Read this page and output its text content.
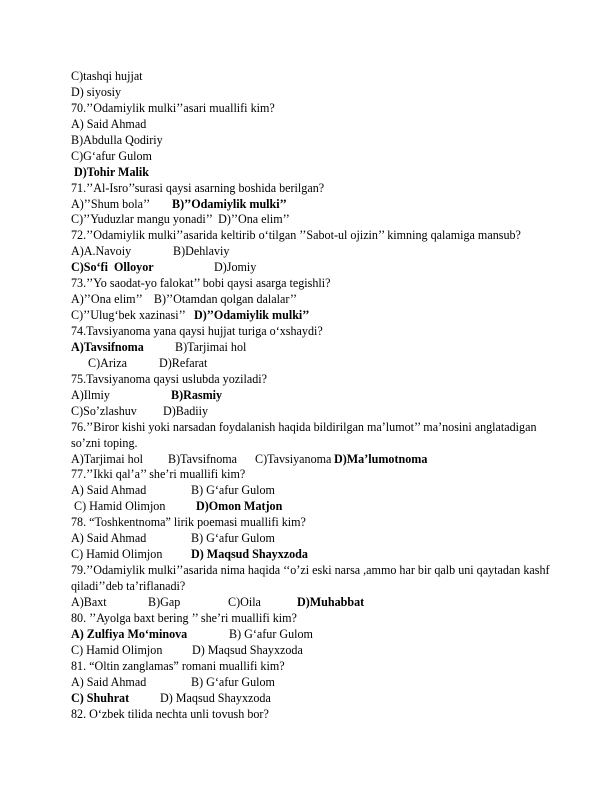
C)tashqi hujjat
D) siyosiy
70.’’Odamiylik mulki’’asari muallifi kim?
A) Said Ahmad
B)Abdulla Qodiriy
C)G‘afur Gulom
D)Tohir Malik
71.’’Al-Isro’’surasi qaysi asarning boshida berilgan?
A)’’Shum bola’’ B)’’Odamiylik mulki’’
C)’’Yuduzlar mangu yonadi’’  D)’’Ona elim’’
72.’’Odamiylik mulki’’asarida keltirib o‘tilgan ’’Sabot-ul ojizin’’ kimning qalamiga mansub?
A)A.Navoiy	B)Dehlaviy
C)So‘fi  Olloyor	D)Jomiy
73.’’Yo saodat-yo falokat’’ bobi qaysi asarga tegishli?
A)’’Ona elim’’    B)’’Otamdan qolgan dalalar’’
C)’’Ulug‘bek xazinasi’’ D)’’Odamiylik mulki’’
74.Tavsiyanoma yana qaysi hujjat turiga o‘xshaydi?
A)Tavsifnoma	B)Tarjimai hol
C)Ariza	D)Refarat
75.Tavsiyanoma qaysi uslubda yoziladi?
A)Ilmiy	B)Rasmiy
C)So’zlashuv D)Badiiy
76.’’Biror kishi yoki narsadan foydalanish haqida bildirilgan ma’lumot’’ ma’nosini anglatadigan so’zni toping.
A)Tarjimai hol B)Tavsifnoma C)Tavsiyanoma D)Ma’lumotnoma
77.’’Ikki qal’a’’ she’ri muallifi kim?
A) Said Ahmad	B) G‘afur Gulom
C) Hamid Olimjon	D)Omon Matjon
78. “Toshkentnoma” lirik poemasi muallifi kim?
A) Said Ahmad	B) G‘afur Gulom
C) Hamid Olimjon D) Maqsud Shayxzoda
79.’’Odamiylik mulki’’asarida nima haqida ‘‘o’zi eski narsa ,ammo har bir qalb uni qaytadan kashf qiladi’’deb ta’riflanadi?
A)Baxt	B)Gap	C)Oila	D)Muhabbat
80. ’’Ayolga baxt bering ’’ she’ri muallifi kim?
A) Zulfiya Mo‘minova	B) G‘afur Gulom
C) Hamid Olimjon D) Maqsud Shayxzoda
81. “Oltin zanglamas” romani muallifi kim?
A) Said Ahmad	B) G‘afur Gulom
C) Shuhrat	D) Maqsud Shayxzoda
82. O‘zbek tilida nechta unli tovush bor?
